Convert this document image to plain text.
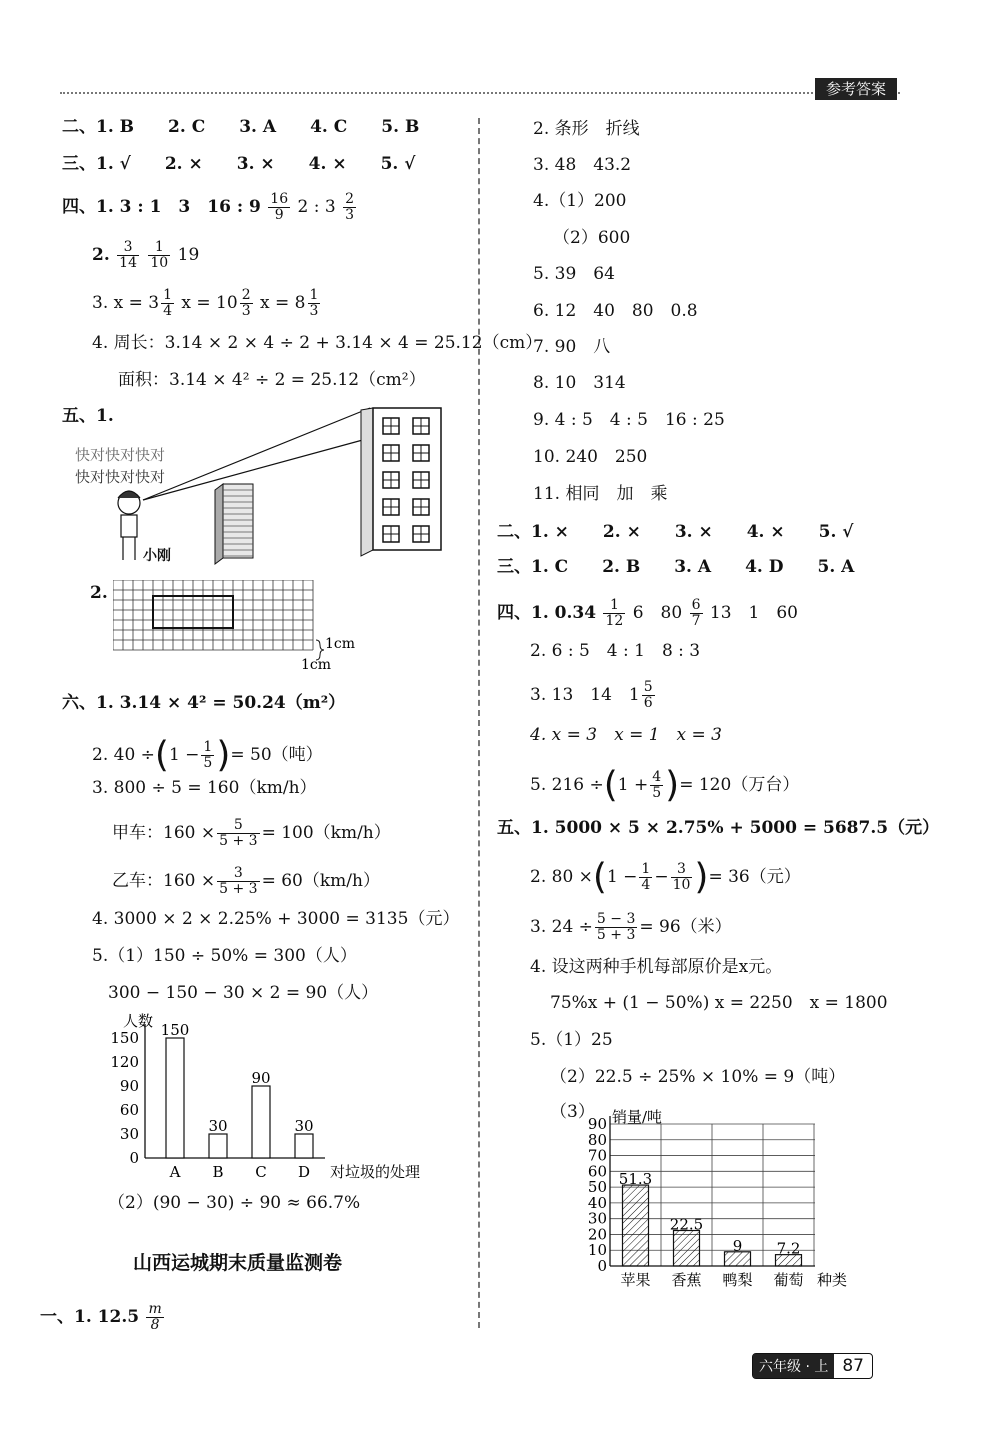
参考答案
二、1. B　　2. C　　3. A　　4. C　　5. B
三、1. √　　2. ×　　3. ×　　4. ×　　5. √
四、1. 3 : 1　3　16 : $9 \frac{16}{9} 2$ : $3 \frac{2}{3}$
2. $\frac{3}{14}$
$\frac{1}{10} 19$
3. $x = 3 \frac{1}{4}$ $x = 10 \frac{2}{3}$ $x = 8 \frac{1}{3}$
4. 周长：3.14 × 2 × 4 ÷ 2 + 3.14 × 4 = 25.12（cm）
面积：3.14 × 4² ÷ 2 = 25.12（cm²）
五、1.
快对快对快对
快对快对快对
小刚
2.
1cm
1cm
六、1. 3.14 × 4² = 50.24（m²）
2. $40 \div(1 - \frac{1}{5}$ )= 50（吨）
3. 800 ÷ 5 = 160（km/h）
甲车：$160 \times \frac{5}{5 + 3} = 100(km/h)$
乙车：$160 \times \frac{3}{5 + 3} = 60(km/h)$
4. 3000 × 2 × 2.25% + 3000 = 3135（元）
5.（1）150 ÷ 50% = 300（人）
300 − 150 − 30 × 2 = 90（人）
人数
0
30
60
90
120
150 150
A
30
B
90
C
30
D 对垃圾的处理
（2）(90 − 30) ÷ 90 ≈ 66.7%
山西运城期末质量监测卷
一、1. $12.5 \frac{m}{8}$
2. 条形　折线
3. 48　43.2
4.（1）200
（2）600
5. 39　64
6. 12　40　80　0.8
7. 90　八
8. 10　314
9. 4 : 5　4 : 5　16 : 25
10. 240　250
11. 相同　加　乘
二、1. ×　　2. ×　　3. ×　　4. ×　　5. √
三、1. C　　2. B　　3. A　　4. D　　5. A
四、1. $0.34 \frac{1}{12} 6$　$80 \frac{6}{7} 13$　1　60
2. 6 : 5　4 : 1　8 : 3
3. 13　14　$1 \frac{5}{6}$
4. x = 3　x = 1　x = 3
5. $216 \div(1 + \frac{4}{5}$ )= 120（万台）
五、1. 5000 × 5 × 2.75% + 5000 = 5687.5（元）
2. $80 \times(1 - \frac{1}{4} - \frac{3}{10}$ )= 36（元）
3. $24 \div \frac{5 - 3}{5 + 3} = 96$（米）
4. 设这两种手机每部原价是x元。
75%x + (1 − 50%) x = 2250　x = 1800
5.（1）25
（2）22.5 ÷ 25% × 10% = 9（吨）
（3）
0
10
20
30
40
50
60
70
80
90 销量/吨
51.3
苹果
22.5
香蕉
9
鸭梨
7.2
葡萄 种类
六年级 · 上 87
